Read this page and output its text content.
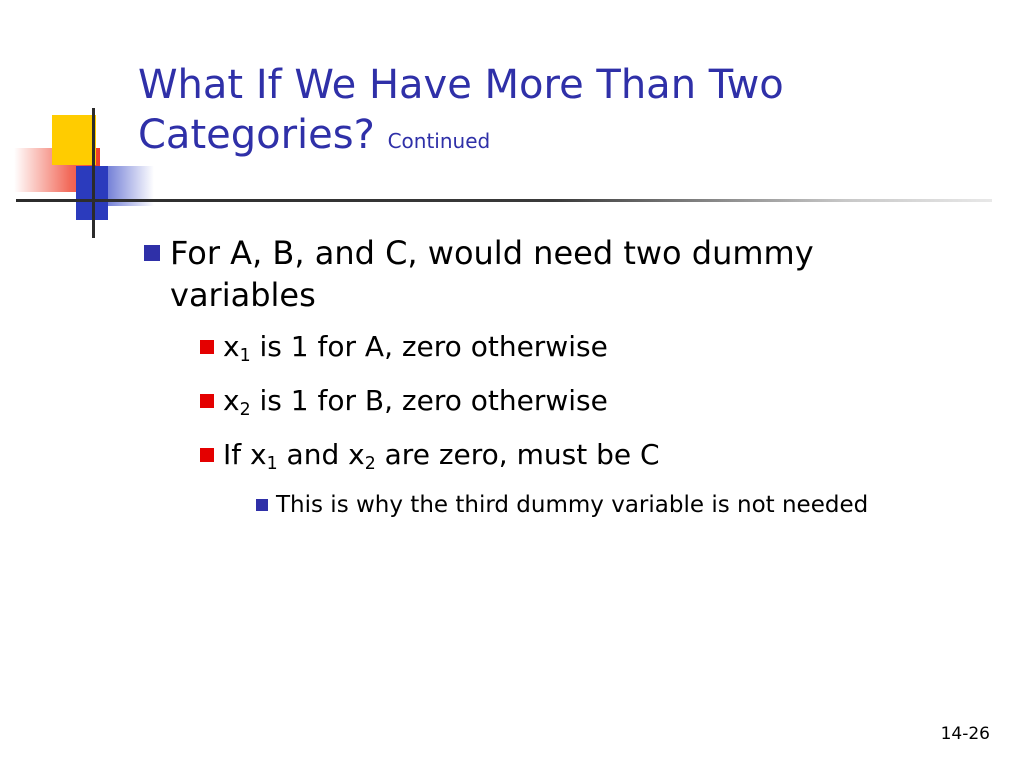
What If We Have More Than Two Categories? Continued
For A, B, and C, would need two dummy variables
$x_1$ is 1 for A, zero otherwise
$x_2$ is 1 for B, zero otherwise
If $x_1$ and $x_2$ are zero, must be C
This is why the third dummy variable is not needed
14-26
